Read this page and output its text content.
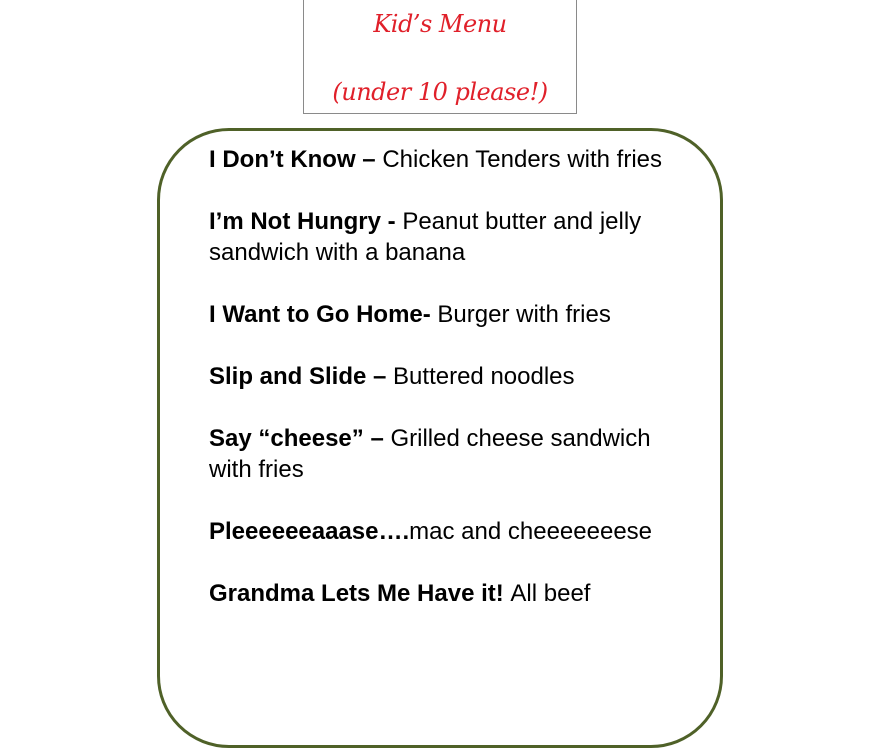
Kid’s Menu
(under 10 please!)
I Don’t Know – Chicken Tenders with fries
I’m Not Hungry - Peanut butter and jelly sandwich with a banana
I Want to Go Home- Burger with fries
Slip and Slide – Buttered noodles
Say “cheese” – Grilled cheese sandwich with fries
Pleeeeeeaaase….mac and cheeeeeeese
Grandma Lets Me Have it! All beef
